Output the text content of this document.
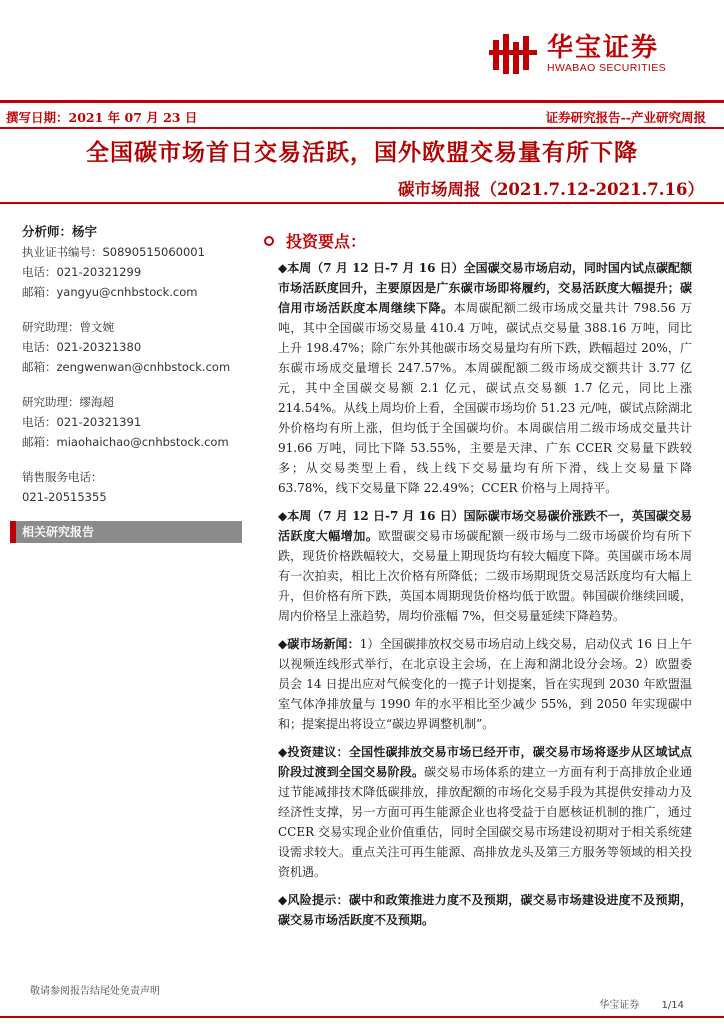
华宝证券
HWABAO SECURITIES
撰写日期：2021 年 07 月 23 日	证券研究报告--产业研究周报
全国碳市场首日交易活跃，国外欧盟交易量有所下降
碳市场周报（2021.7.12-2021.7.16）
分析师：杨宇
执业证书编号：S0890515060001
电话：021-20321299
邮箱：yangyu@cnhbstock.com
研究助理：曾文婉
电话：021-20321380
邮箱：zengwenwan@cnhbstock.com
研究助理：缪海超
电话：021-20321391
邮箱：miaohaichao@cnhbstock.com
销售服务电话：
021-20515355
相关研究报告
投资要点：

◆本周（7 月 12 日-7 月 16 日）全国碳交易市场启动，同时国内试点碳配额市场活跃度回升，主要原因是广东碳市场即将履约，交易活跃度大幅提升；碳信用市场活跃度本周继续下降。本周碳配额二级市场成交量共计 798.56 万吨，其中全国碳市场交易量 410.4 万吨，碳试点交易量 388.16 万吨，同比上升 198.47%；除广东外其他碳市场交易量均有所下跌，跌幅超过 20%，广东碳市场成交量增长 247.57%。本周碳配额二级市场成交额共计 3.77 亿元，其中全国碳交易额 2.1 亿元，碳试点交易额 1.7 亿元，同比上涨 214.54%。从线上周均价上看，全国碳市场均价 51.23 元/吨，碳试点除湖北外价格均有所上涨，但均低于全国碳均价。本周碳信用二级市场成交量共计 91.66 万吨，同比下降 53.55%，主要是天津、广东 CCER 交易量下跌较多；从交易类型上看，线上线下交易量均有所下滑，线上交易量下降 63.78%，线下交易量下降 22.49%；CCER 价格与上周持平。

◆本周（7 月 12 日-7 月 16 日）国际碳市场交易碳价涨跌不一，英国碳交易活跃度大幅增加。欧盟碳交易市场碳配额一级市场与二级市场碳价均有所下跌，现货价格跌幅较大，交易量上期现货均有较大幅度下降。英国碳市场本周有一次拍卖，相比上次价格有所降低；二级市场期现货交易活跃度均有大幅上升，但价格有所下跌，英国本周期现货价格均低于欧盟。韩国碳价继续回暖，周内价格呈上涨趋势，周均价涨幅 7%，但交易量延续下降趋势。

◆碳市场新闻：1）全国碳排放权交易市场启动上线交易，启动仪式 16 日上午以视频连线形式举行，在北京设主会场，在上海和湖北设分会场。2）欧盟委员会 14 日提出应对气候变化的一揽子计划提案，旨在实现到 2030 年欧盟温室气体净排放量与 1990 年的水平相比至少减少 55%，到 2050 年实现碳中和；提案提出将设立“碳边界调整机制”。

◆投资建议：全国性碳排放交易市场已经开市，碳交易市场将逐步从区域试点阶段过渡到全国交易阶段。碳交易市场体系的建立一方面有利于高排放企业通过节能减排技术降低碳排放，排放配额的市场化交易手段为其提供安排动力及经济性支撑，另一方面可再生能源企业也将受益于自愿核证机制的推广，通过 CCER 交易实现企业价值重估，同时全国碳交易市场建设初期对于相关系统建设需求较大。重点关注可再生能源、高排放龙头及第三方服务等领域的相关投资机遇。

◆风险提示：碳中和政策推进力度不及预期，碳交易市场建设进度不及预期，碳交易市场活跃度不及预期。

敬请参阅报告结尾处免责声明
华宝证券 1/14
